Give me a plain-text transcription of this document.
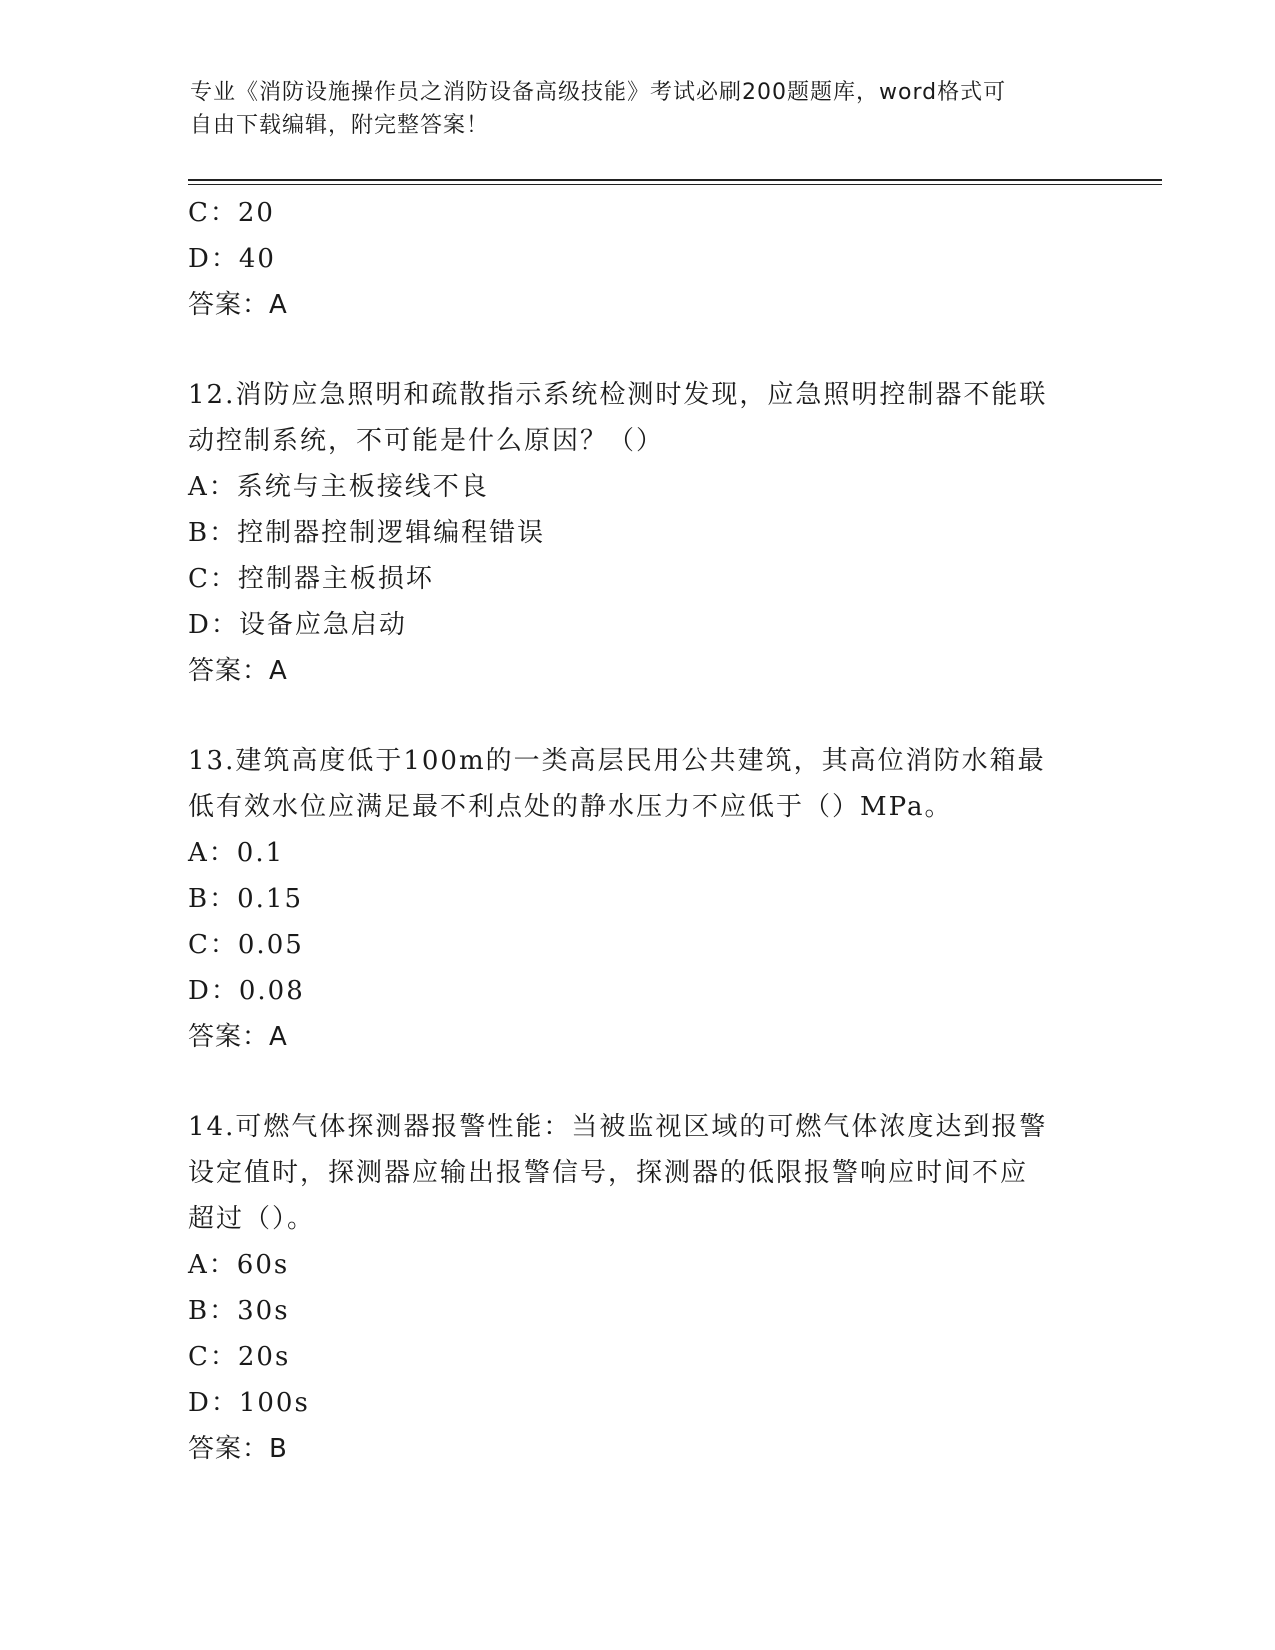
专业《消防设施操作员之消防设备高级技能》考试必刷200题题库，word格式可
自由下载编辑，附完整答案！
C：20
D：40
答案：A
12.消防应急照明和疏散指示系统检测时发现，应急照明控制器不能联
动控制系统，不可能是什么原因？（）
A：系统与主板接线不良
B：控制器控制逻辑编程错误
C：控制器主板损坏
D：设备应急启动
答案：A
13.建筑高度低于100m的一类高层民用公共建筑，其高位消防水箱最
低有效水位应满足最不利点处的静水压力不应低于（）MPa。
A：0.1
B：0.15
C：0.05
D：0.08
答案：A
14.可燃气体探测器报警性能：当被监视区域的可燃气体浓度达到报警
设定值时，探测器应输出报警信号，探测器的低限报警响应时间不应
超过（）。
A：60s
B：30s
C：20s
D：100s
答案：B
